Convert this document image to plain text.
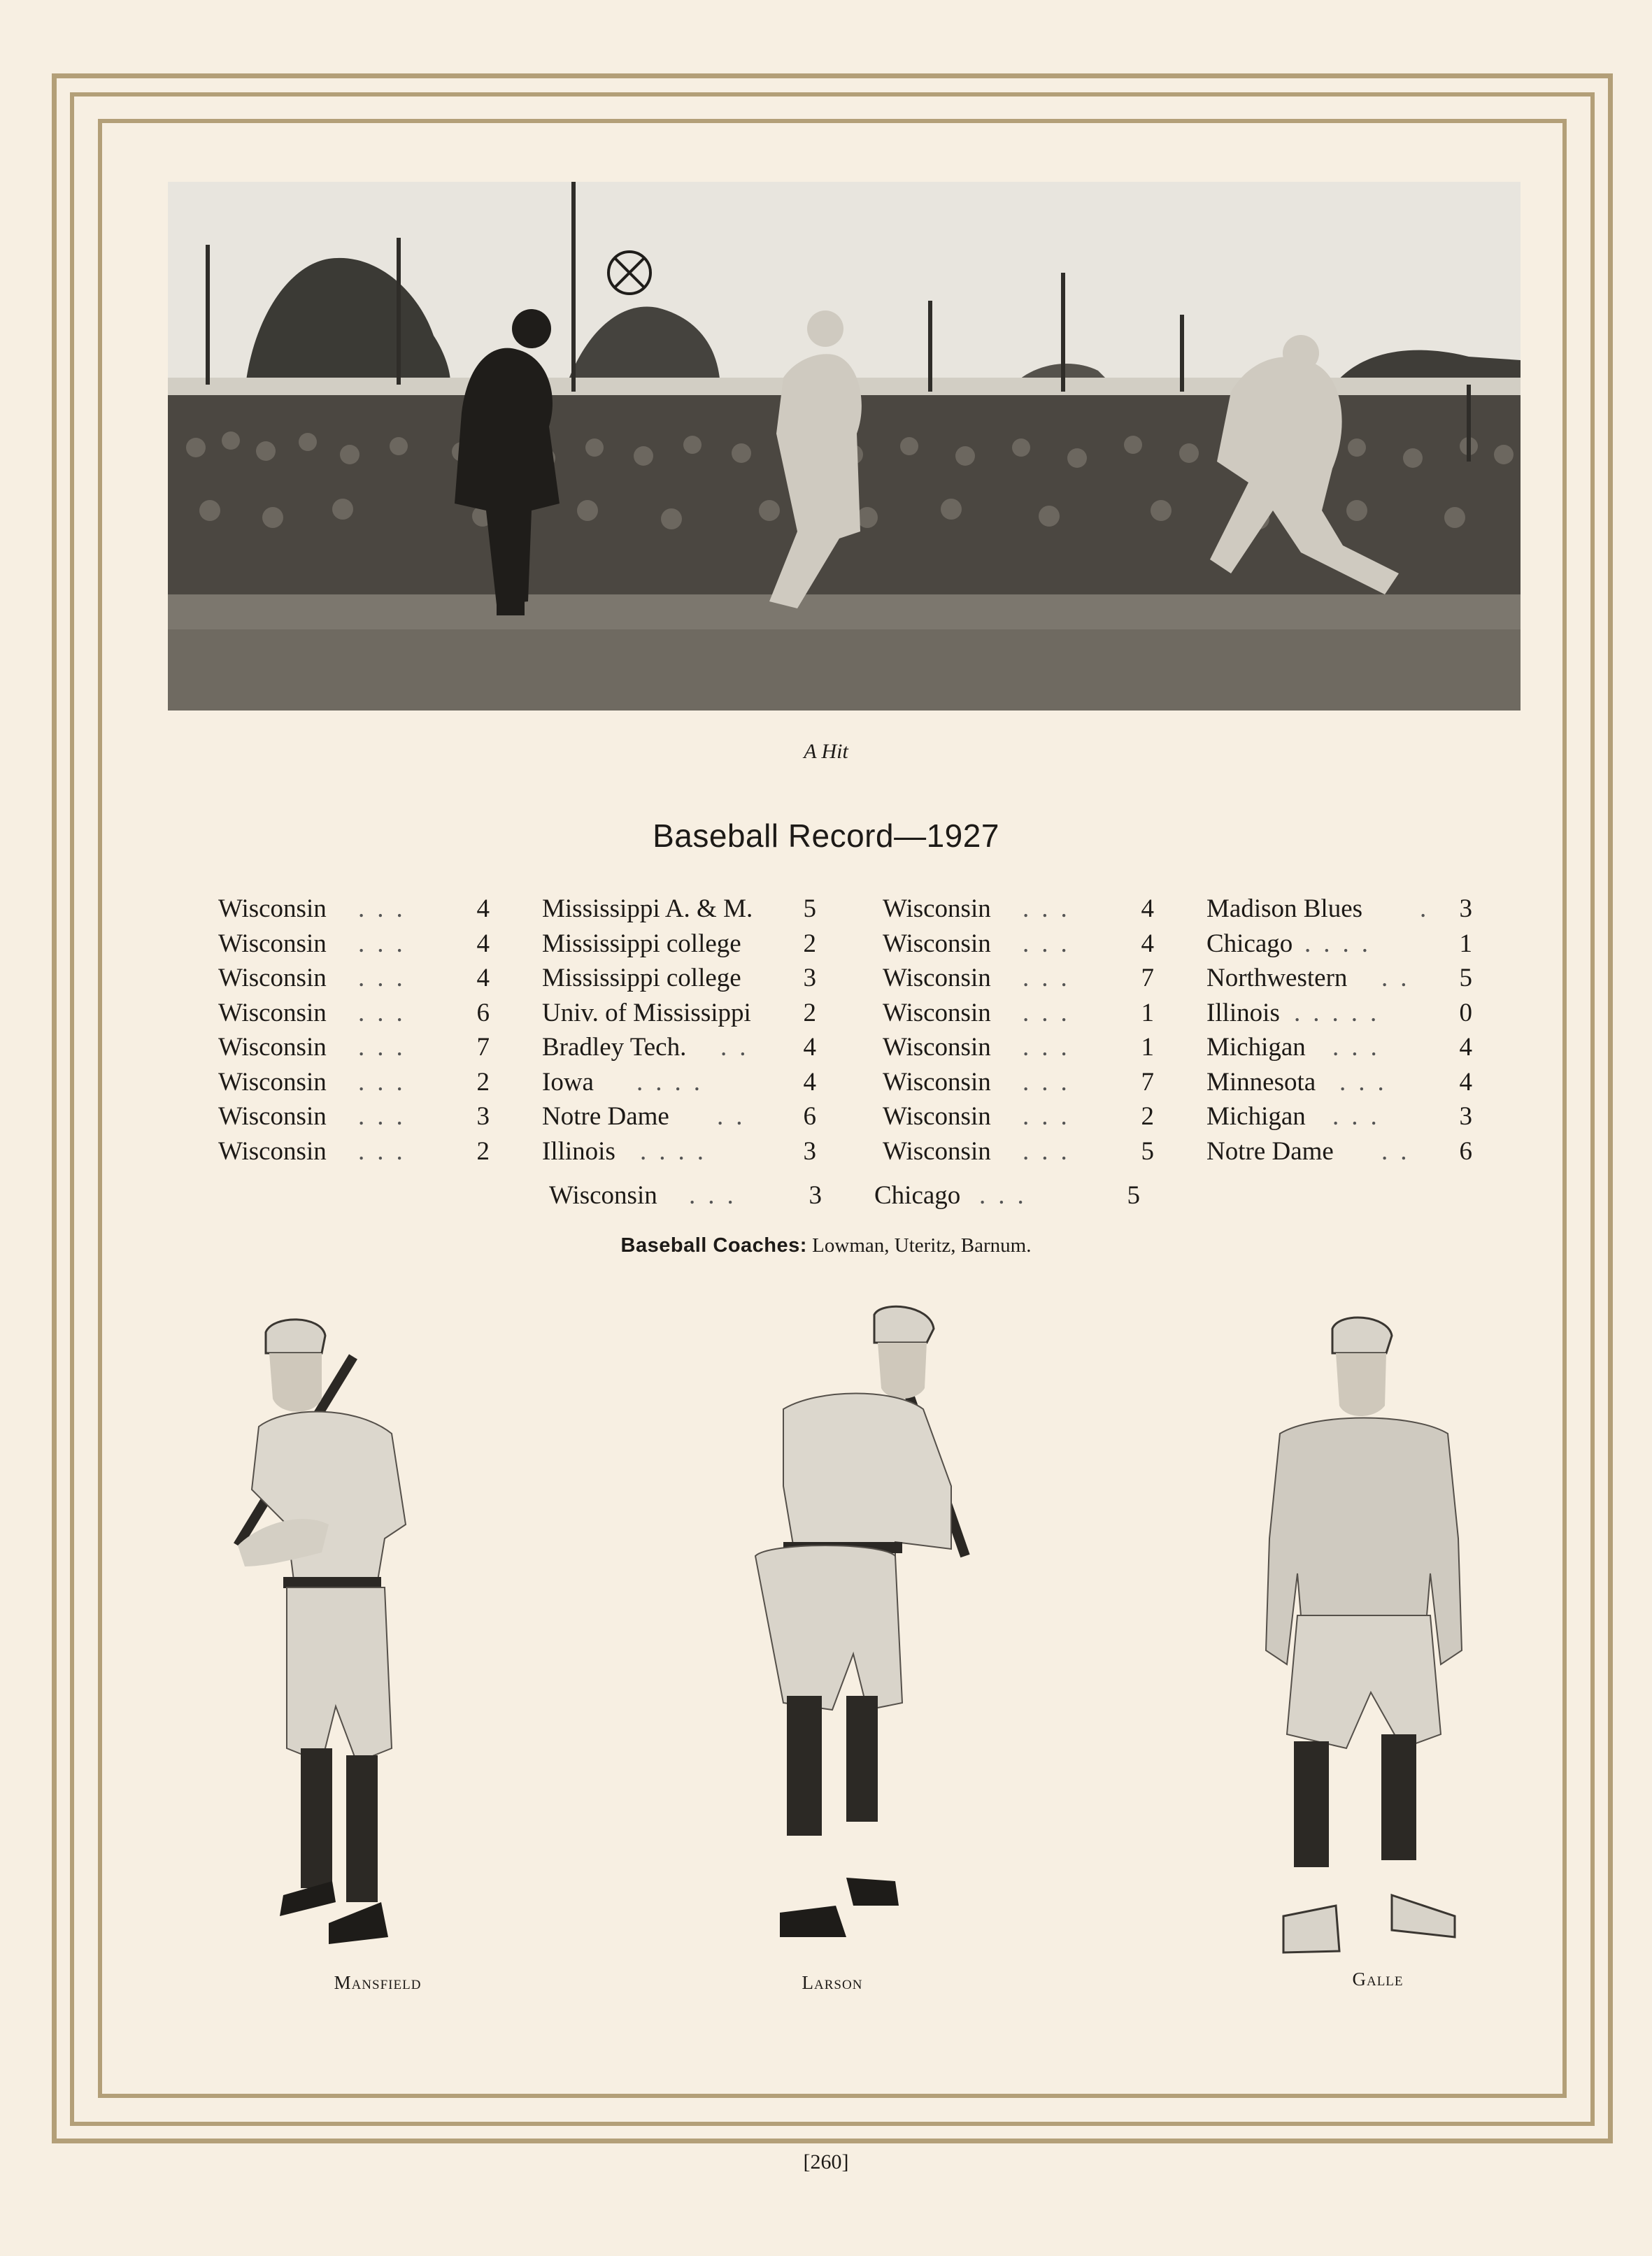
A Hit
Baseball Record—1927
Wisconsin ... 4
Wisconsin ... 4
Wisconsin ... 4
Wisconsin ... 6
Wisconsin ... 7
Wisconsin ... 2
Wisconsin ... 3
Wisconsin ... 2
Mississippi A. & M. 5
Mississippi college 2
Mississippi college 3
Univ. of Mississippi 2
Bradley Tech. .. 4
Iowa ....	4
Notre Dame .. 6
Illinois ....	3
Wisconsin ... 4
Wisconsin ... 4
Wisconsin ... 7
Wisconsin ... 1
Wisconsin ... 1
Wisconsin ... 7
Wisconsin ... 2
Wisconsin ... 5
Madison Blues . 3
Chicago ....	1
Northwestern .. 5
Illinois .....	0
Michigan ...	4
Minnesota ... 4
Michigan ...	3
Notre Dame .. 6
Wisconsin ... 3 Chicago ...	5
Baseball Coaches: Lowman, Uteritz, Barnum.
Mansfield	Larson	Galle
[260]
